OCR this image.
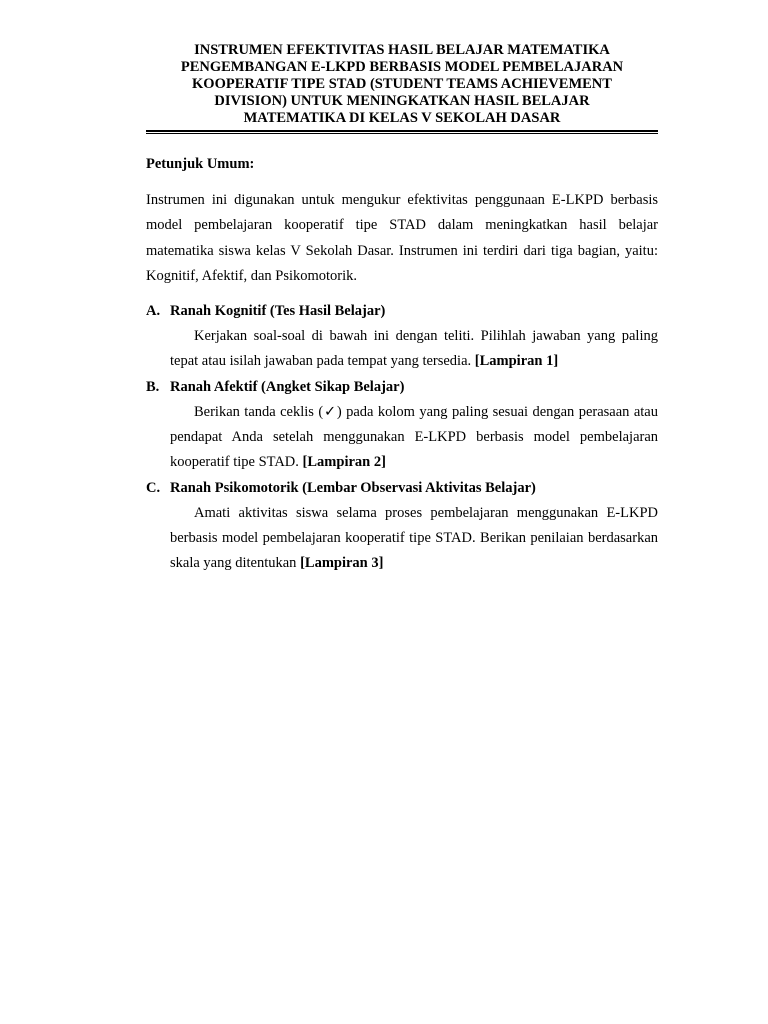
INSTRUMEN EFEKTIVITAS HASIL BELAJAR MATEMATIKA
PENGEMBANGAN E-LKPD BERBASIS MODEL PEMBELAJARAN
KOOPERATIF TIPE STAD (STUDENT TEAMS ACHIEVEMENT
DIVISION) UNTUK MENINGKATKAN HASIL BELAJAR
MATEMATIKA DI KELAS V SEKOLAH DASAR
Petunjuk Umum:
Instrumen ini digunakan untuk mengukur efektivitas penggunaan E-LKPD berbasis model pembelajaran kooperatif tipe STAD dalam meningkatkan hasil belajar matematika siswa kelas V Sekolah Dasar. Instrumen ini terdiri dari tiga bagian, yaitu: Kognitif, Afektif, dan Psikomotorik.
A. Ranah Kognitif (Tes Hasil Belajar)
Kerjakan soal-soal di bawah ini dengan teliti. Pilihlah jawaban yang paling tepat atau isilah jawaban pada tempat yang tersedia. [Lampiran 1]
B. Ranah Afektif (Angket Sikap Belajar)
Berikan tanda ceklis (✓) pada kolom yang paling sesuai dengan perasaan atau pendapat Anda setelah menggunakan E-LKPD berbasis model pembelajaran kooperatif tipe STAD. [Lampiran 2]
C. Ranah Psikomotorik (Lembar Observasi Aktivitas Belajar)
Amati aktivitas siswa selama proses pembelajaran menggunakan E-LKPD berbasis model pembelajaran kooperatif tipe STAD. Berikan penilaian berdasarkan skala yang ditentukan [Lampiran 3]
